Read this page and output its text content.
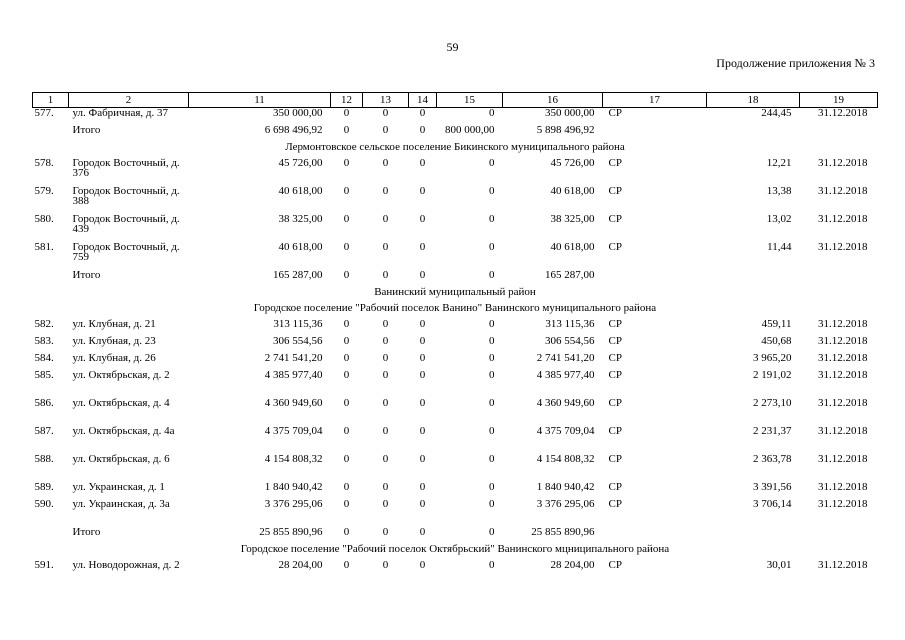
59
Продолжение приложения № 3
1	2	11	12	13	14	15	16	17	18	19
577.	ул. Фабричная, д. 37	350 000,00	0	0	0	0	350 000,00	СР	244,45	31.12.2018
	Итого	6 698 496,92	0	0	0	800 000,00	5 898 496,92			
Лермонтовское сельское поселение Бикинского муниципального района										
578.	Городок Восточный, д. 376	45 726,00	0	0	0	0	45 726,00	СР	12,21	31.12.2018
579.	Городок Восточный, д. 388	40 618,00	0	0	0	0	40 618,00	СР	13,38	31.12.2018
580.	Городок Восточный, д. 439	38 325,00	0	0	0	0	38 325,00	СР	13,02	31.12.2018
581.	Городок Восточный, д. 759	40 618,00	0	0	0	0	40 618,00	СР	11,44	31.12.2018
	Итого	165 287,00	0	0	0	0	165 287,00			
Ванинский муниципальный район										
Городское поселение "Рабочий поселок Ванино" Ванинского муниципального района										
582.	ул. Клубная, д. 21	313 115,36	0	0	0	0	313 115,36	СР	459,11	31.12.2018
583.	ул. Клубная, д. 23	306 554,56	0	0	0	0	306 554,56	СР	450,68	31.12.2018
584.	ул. Клубная, д. 26	2 741 541,20	0	0	0	0	2 741 541,20	СР	3 965,20	31.12.2018
585.	ул. Октябрьская, д. 2	4 385 977,40	0	0	0	0	4 385 977,40	СР	2 191,02	31.12.2018
586.	ул. Октябрьская, д. 4	4 360 949,60	0	0	0	0	4 360 949,60	СР	2 273,10	31.12.2018
587.	ул. Октябрьская, д. 4а	4 375 709,04	0	0	0	0	4 375 709,04	СР	2 231,37	31.12.2018
588.	ул. Октябрьская, д. 6	4 154 808,32	0	0	0	0	4 154 808,32	СР	2 363,78	31.12.2018
589.	ул. Украинская, д. 1	1 840 940,42	0	0	0	0	1 840 940,42	СР	3 391,56	31.12.2018
590.	ул. Украинская, д. 3а	3 376 295,06	0	0	0	0	3 376 295,06	СР	3 706,14	31.12.2018
	Итого	25 855 890,96	0	0	0	0	25 855 890,96			
Городское поселение "Рабочий поселок Октябрьский" Ванинского мцниципального района										
591.	ул. Новодорожная, д. 2	28 204,00	0	0	0	0	28 204,00	СР	30,01	31.12.2018
